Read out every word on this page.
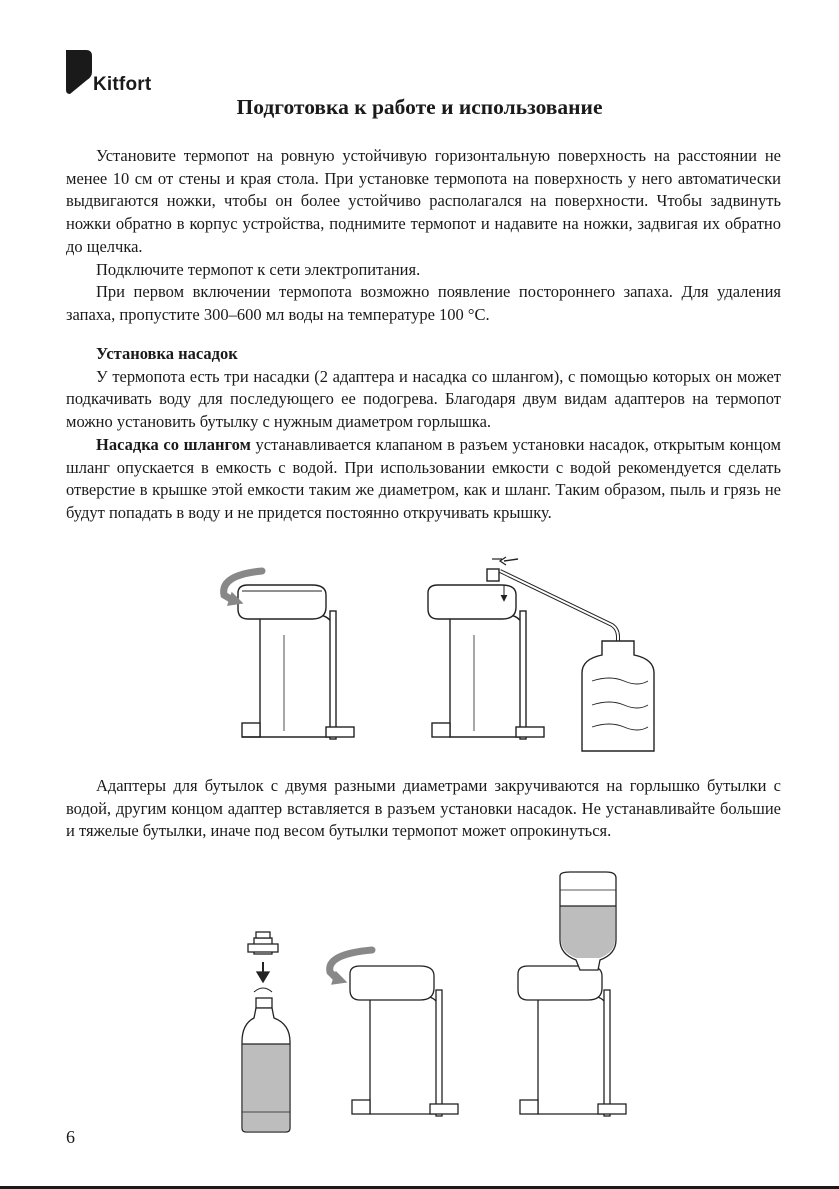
Kitfort
Подготовка к работе и использование

Установите термопот на ровную устойчивую горизонтальную поверхность на расстоянии не менее 10 см от стены и края стола. При установке термопота на поверхность у него автоматически выдвигаются ножки, чтобы он более устойчиво располагался на поверхности. Чтобы задвинуть ножки обратно в корпус устройства, поднимите термопот и надавите на ножки, задвигая их обратно до щелчка.

Подключите термопот к сети электропитания.

При первом включении термопота возможно появление постороннего запаха. Для удаления запаха, пропустите 300–600 мл воды на температуре 100 °C.

Установка насадок

У термопота есть три насадки (2 адаптера и насадка со шлангом), с помощью которых он может подкачивать воду для последующего ее подогрева. Благодаря двум видам адаптеров на термопот можно установить бутылку с нужным диаметром горлышка.

Насадка со шлангом устанавливается клапаном в разъем установки насадок, открытым концом шланг опускается в емкость с водой. При использовании емкости с водой рекомендуется сделать отверстие в крышке этой емкости таким же диаметром, как и шланг. Таким образом, пыль и грязь не будут попадать в воду и не придется постоянно откручивать крышку.

Адаптеры для бутылок с двумя разными диаметрами закручиваются на горлышко бутылки с водой, другим концом адаптер вставляется в разъем установки насадок. Не устанавливайте большие и тяжелые бутылки, иначе под весом бутылки термопот может опрокинуться.

6
